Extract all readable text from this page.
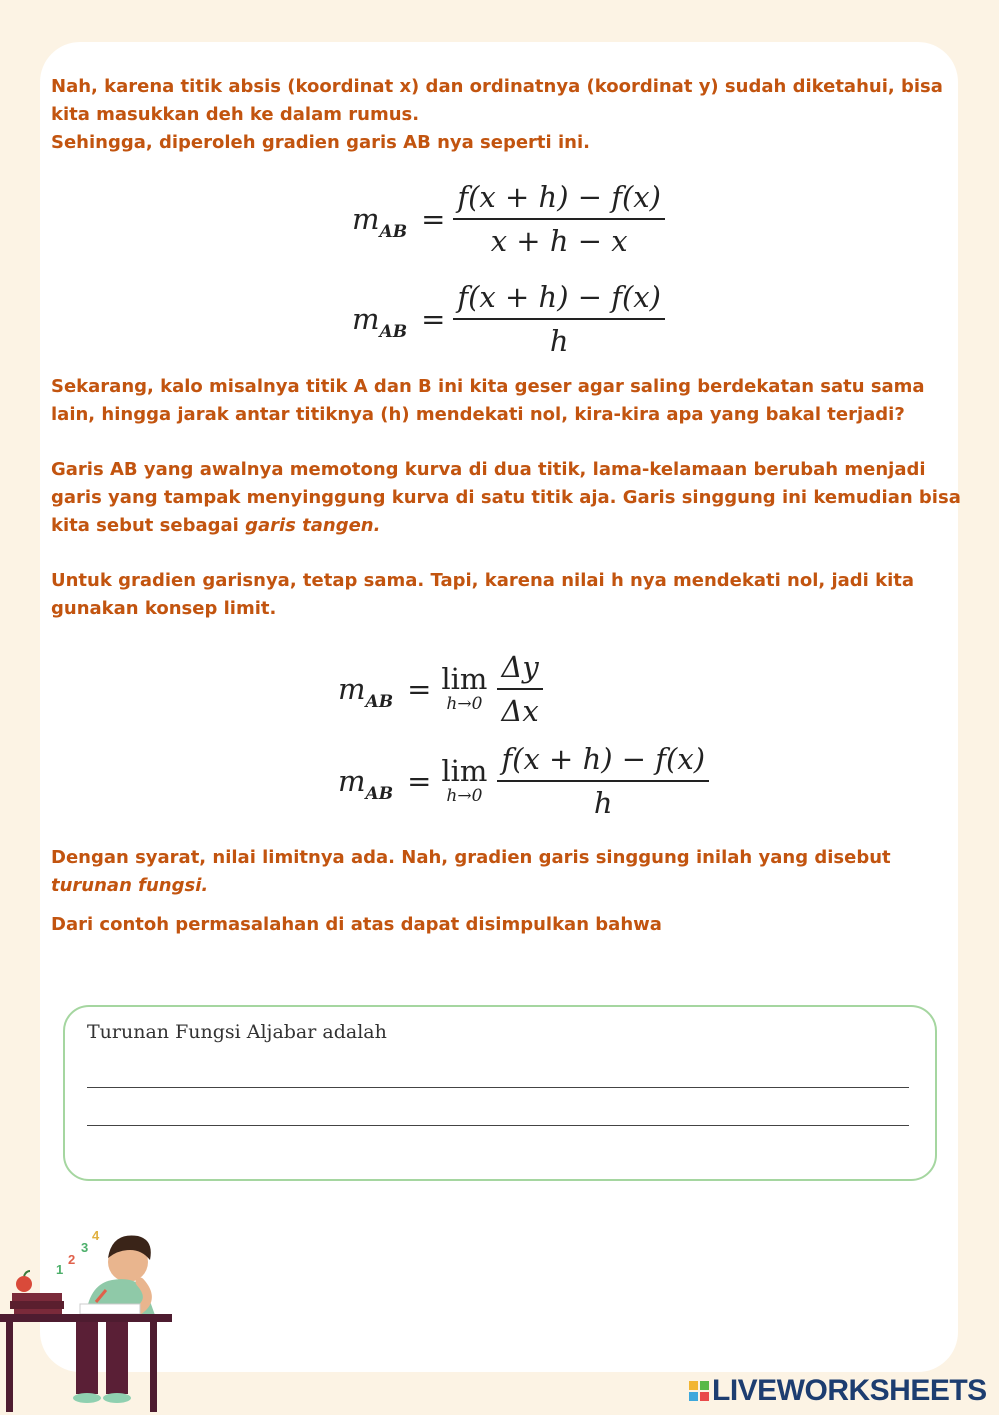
Nah, karena titik absis (koordinat x) dan ordinatnya (koordinat y) sudah diketahui, bisa kita masukkan deh ke dalam rumus.

Sehingga, diperoleh gradien garis AB nya seperti ini.

$m_{AB} = \frac{f(x + h) - f(x)}{x + h - x}$
$m_{AB} = \frac{f(x + h) - f(x)}{h}$

Sekarang, kalo misalnya titik A dan B ini kita geser agar saling berdekatan satu sama lain, hingga jarak antar titiknya (h) mendekati nol, kira-kira apa yang bakal terjadi?

Garis AB yang awalnya memotong kurva di dua titik, lama-kelamaan berubah menjadi garis yang tampak menyinggung kurva di satu titik aja. Garis singgung ini kemudian bisa kita sebut sebagai garis tangen.

Untuk gradien garisnya, tetap sama. Tapi, karena nilai h nya mendekati nol, jadi kita gunakan konsep limit.

$m_{AB} = \lim$
$h\to 0 \frac{\Delta y}{\Delta x}$
$m_{AB} = \lim$
$h\to 0 \frac{f(x + h) - f(x)}{h}$

Dengan syarat, nilai limitnya ada. Nah, gradien garis singgung inilah yang disebut turunan fungsi.

Dari contoh permasalahan di atas dapat disimpulkan bahwa

Turunan Fungsi Aljabar adalah
1
2
3
4
LIVEWORKSHEETS
